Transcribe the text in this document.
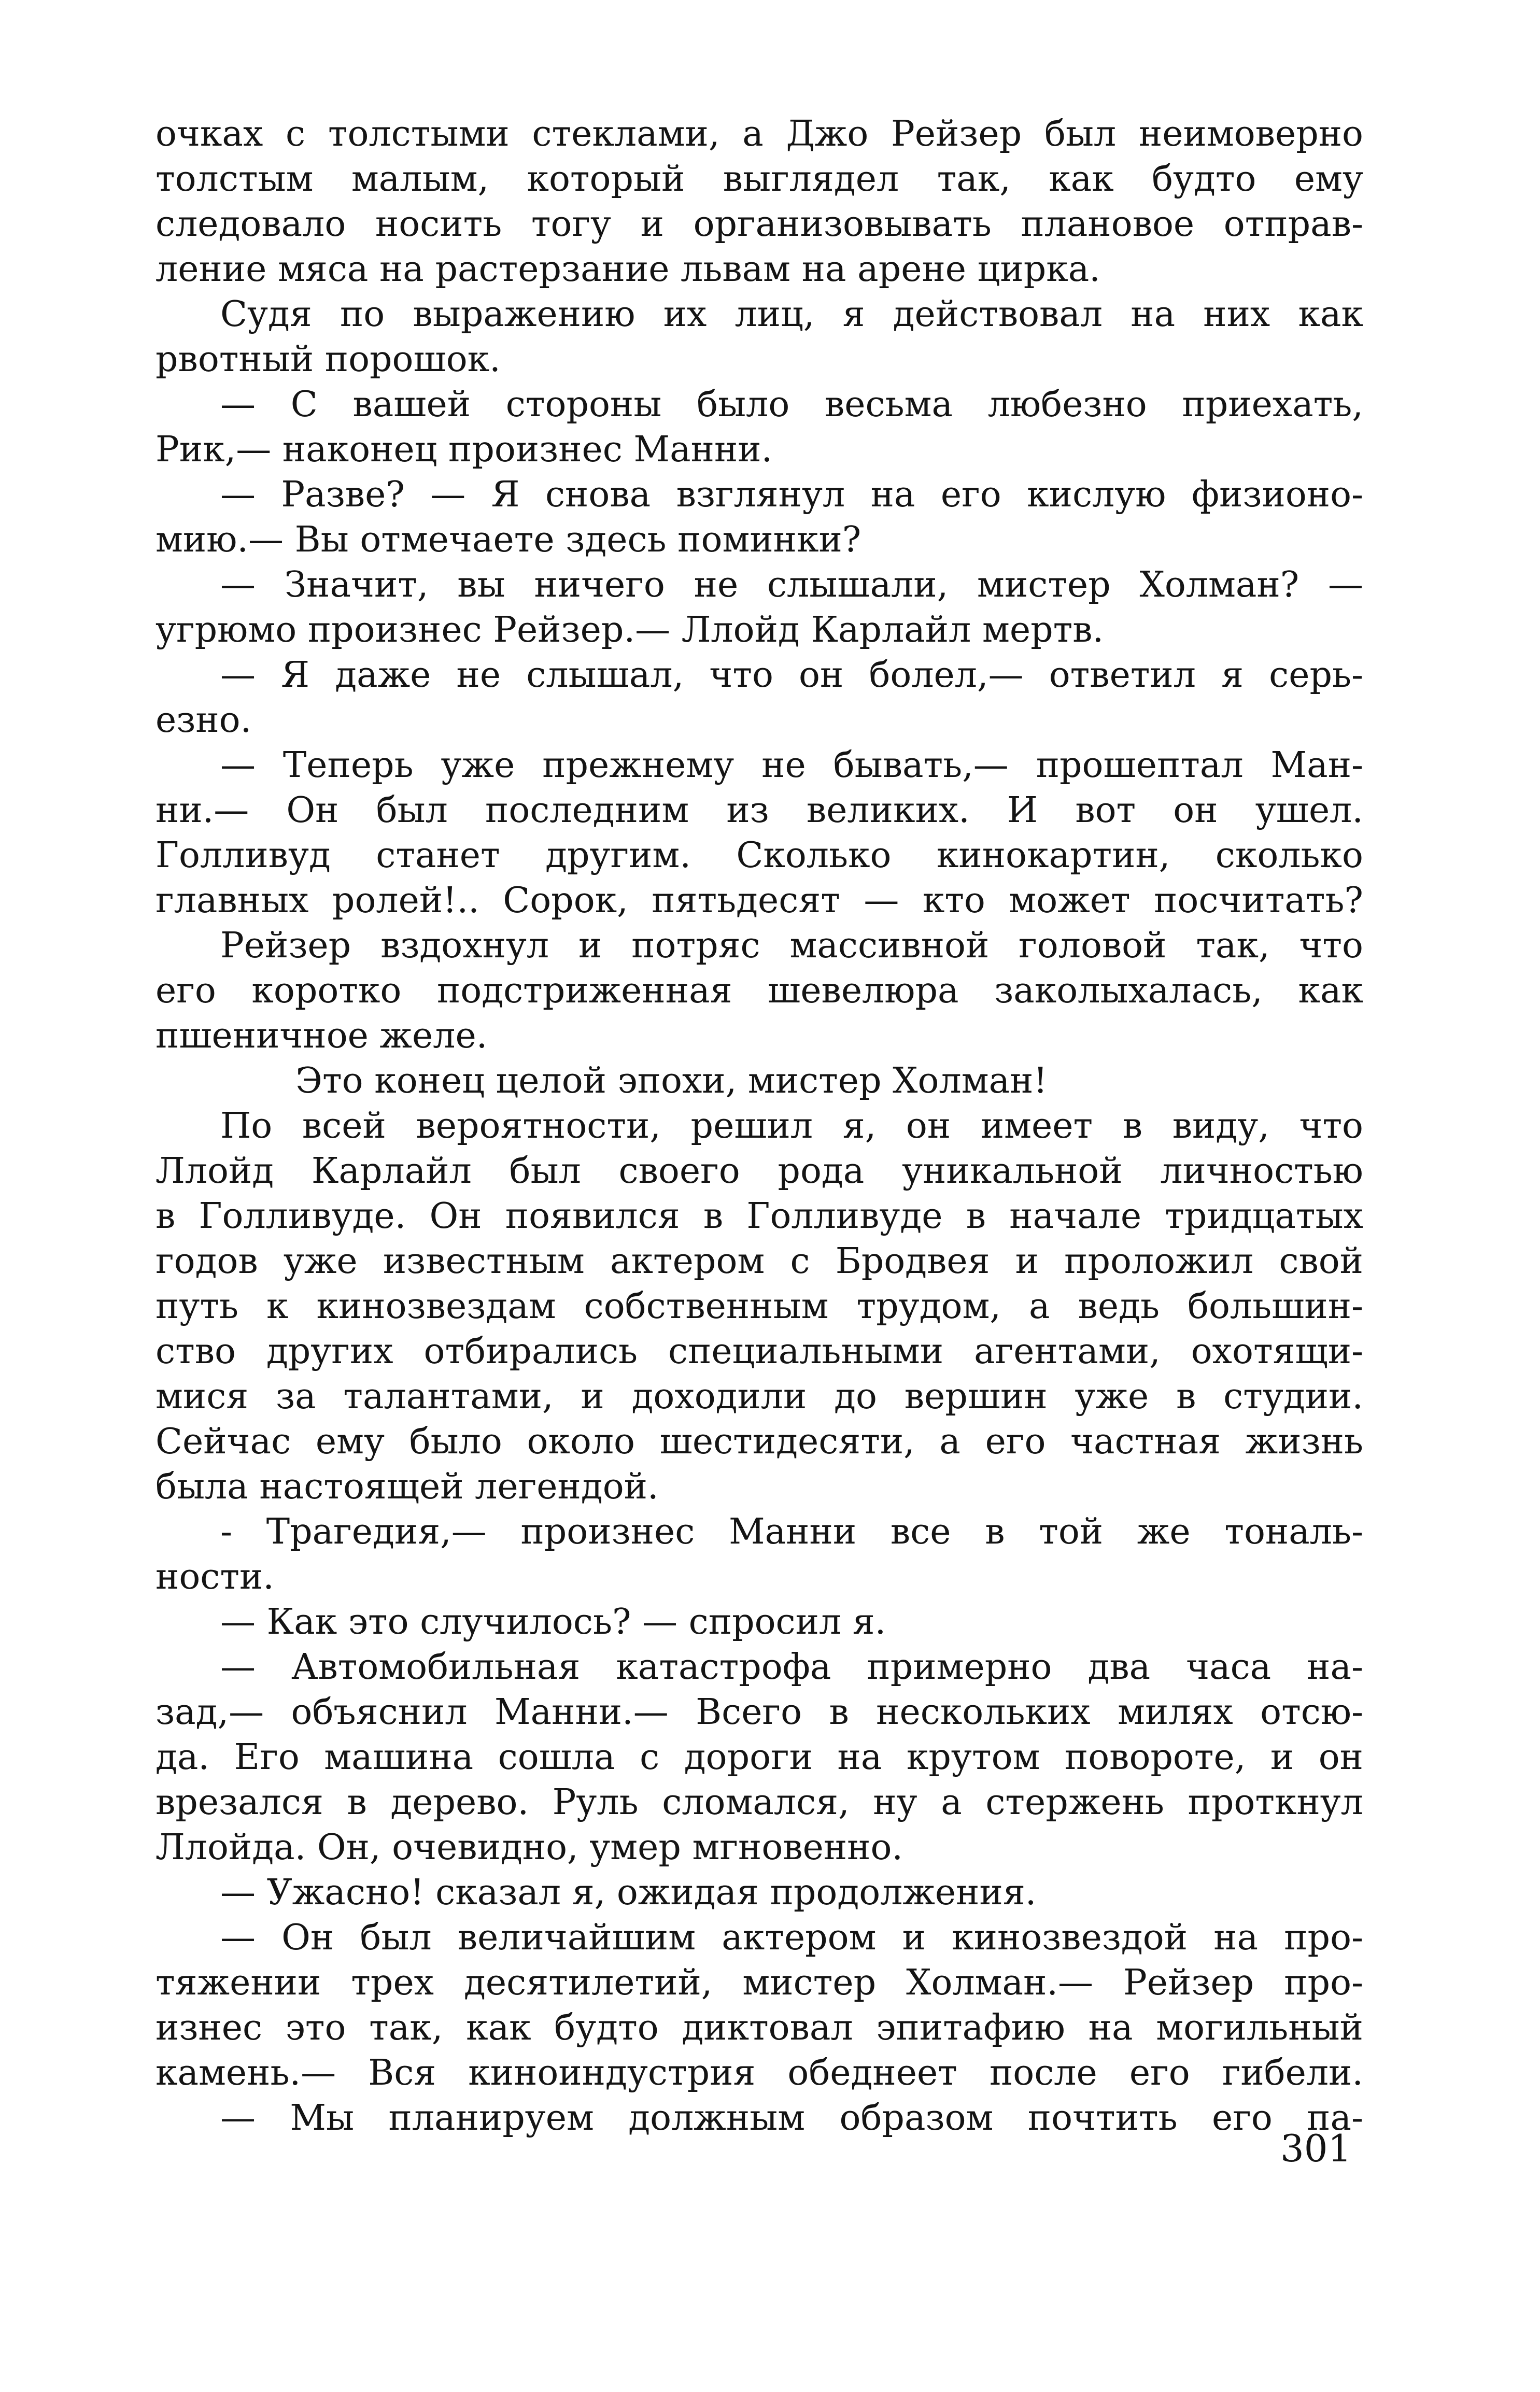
очках с толстыми стеклами, а Джо Рейзер был неимоверно
толстым малым, который выглядел так, как будто ему
следовало носить тогу и организовывать плановое отправ-
ление мяса на растерзание львам на арене цирка.
Судя по выражению их лиц, я действовал на них как
рвотный порошок.
— С вашей стороны было весьма любезно приехать,
Рик,— наконец произнес Манни.
— Разве? — Я снова взглянул на его кислую физионо-
мию.— Вы отмечаете здесь поминки?
— Значит, вы ничего не слышали, мистер Холман? —
угрюмо произнес Рейзер.— Ллойд Карлайл мертв.
— Я даже не слышал, что он болел,— ответил я серь-
езно.
— Теперь уже прежнему не бывать,— прошептал Ман-
ни.— Он был последним из великих. И вот он ушел.
Голливуд станет другим. Сколько кинокартин, сколько
главных ролей!.. Сорок, пятьдесят — кто может посчитать?
Рейзер вздохнул и потряс массивной головой так, что
его коротко подстриженная шевелюра заколыхалась, как
пшеничное желе.
Это конец целой эпохи, мистер Холман!
По всей вероятности, решил я, он имеет в виду, что
Ллойд Карлайл был своего рода уникальной личностью
в Голливуде. Он появился в Голливуде в начале тридцатых
годов уже известным актером с Бродвея и проложил свой
путь к кинозвездам собственным трудом, а ведь большин-
ство других отбирались специальными агентами, охотящи-
мися за талантами, и доходили до вершин уже в студии.
Сейчас ему было около шестидесяти, а его частная жизнь
была настоящей легендой.
- Трагедия,— произнес Манни все в той же тональ-
ности.
— Как это случилось? — спросил я.
— Автомобильная катастрофа примерно два часа на-
зад,— объяснил Манни.— Всего в нескольких милях отсю-
да. Его машина сошла с дороги на крутом повороте, и он
врезался в дерево. Руль сломался, ну а стержень проткнул
Ллойда. Он, очевидно, умер мгновенно.
— Ужасно! сказал я, ожидая продолжения.
— Он был величайшим актером и кинозвездой на про-
тяжении трех десятилетий, мистер Холман.— Рейзер про-
изнес это так, как будто диктовал эпитафию на могильный
камень.— Вся киноиндустрия обеднеет после его гибели.
— Мы планируем должным образом почтить его па-
301
